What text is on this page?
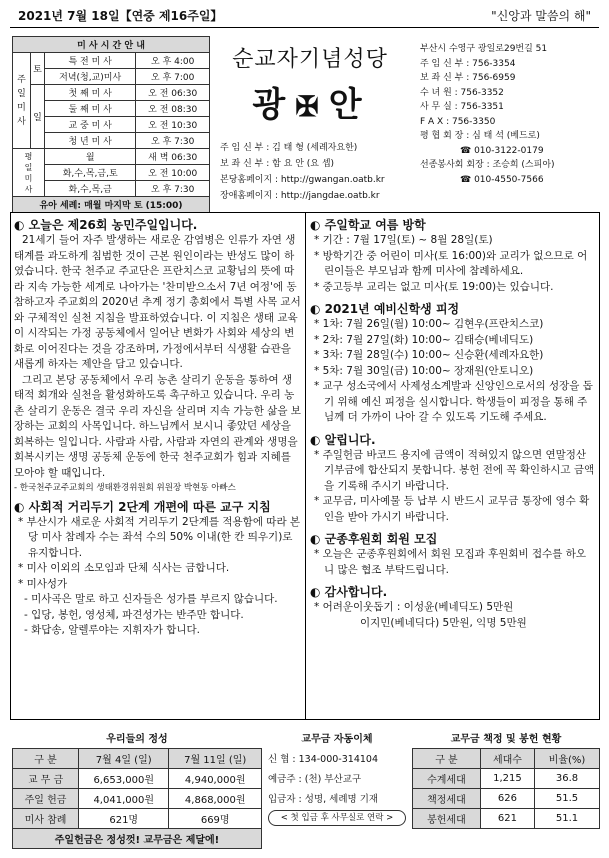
2021년 7월 18일【연중 제16주일】	"신앙과 말씀의 해"
미 사 시 간 안 내			
주
일
미
사	토	특 전 미 사	오 후 4:00
		저녁(청,교)미사	오 후 7:00
	일	첫 째 미 사	오 전 06:30
		둘 째 미 사	오 전 08:30
		교 중 미 사	오 전 10:30
		청 년 미 사	오 후 7:30
평
일
미
사		월	새 벽 06:30
		화,수,목,금,토	오 전 10:00
		화,수,목,금	오 후 7:30
유아 세례: 매월 마지막 토 (15:00)			
순교자기념성당
광 ✠ 안
주 임 신 부 : 김 태 형 (세례자요한)
보 좌 신 부 : 함 요 안 (요 셉)
본당홈페이지 : http://gwangan.oatb.kr
장애홈페이지 : http://jangdae.oatb.kr
부산시 수영구 광일로29번길 51
주 임 신 부 : 756-3354
보 좌 신 부 : 756-6959
수 녀 원 : 756-3352
사 무 실 : 756-3351
F A X : 756-3350
평 협 회 장 : 심 태 석 (베드로)
☎ 010-3122-0179
선종봉사회 회장 : 조승희 (스피아)
☎ 010-4550-7566
◐ 오늘은 제26회 농민주일입니다.
21세기 들어 자주 발생하는 새로운 감염병은 인류가 자연 생태계를 과도하게 침범한 것이 근본 원인이라는 반성도 많이 하였습니다. 한국 천주교 주교단은 프란치스코 교황님의 뜻에 따라 지속 가능한 세계로 나아가는 '찬미받으소서 7년 여정'에 동참하고자 주교회의 2020년 추계 정기 총회에서 특별 사목 교서와 구체적인 실천 지침을 발표하였습니다. 이 지침은 생태 교육이 시작되는 가정 공동체에서 일어난 변화가 사회와 세상의 변화로 이어진다는 것을 강조하며, 가정에서부터 식생활 습관을 새롭게 하자는 제안을 담고 있습니다.
그리고 본당 공동체에서 우리 농촌 살리기 운동을 통하여 생태적 회개와 실천을 활성화하도록 촉구하고 있습니다. 우리 농촌 살리기 운동은 결국 우리 자신을 살리며 지속 가능한 삶을 보장하는 교회의 사목입니다. 하느님께서 보시니 좋았던 세상을 회복하는 일입니다. 사람과 사람, 사람과 자연의 관계와 생명을 회복시키는 생명 공동체 운동에 한국 천주교회가 힘과 지혜를 모아야 할 때입니다.
- 한국천주교주교회의 생태환경위원회 위원장 박현동 아빠스
◐ 사회적 거리두기 2단계 개편에 따른 교구 지침
* 부산시가 새로운 사회적 거리두기 2단계를 적용함에 따라 본당 미사 참례자 수는 좌석 수의 50% 이내(한 칸 띄우기)로 유지합니다.
* 미사 이외의 소모임과 단체 식사는 금합니다.
* 미사성가
- 미사곡은 말로 하고 신자들은 성가를 부르지 않습니다.
- 입당, 봉헌, 영성체, 파견성가는 반주만 합니다.
- 화답송, 알렐루야는 지휘자가 합니다.
◐ 주일학교 여름 방학
* 기간 : 7월 17일(토) ~ 8월 28일(토)
* 방학기간 중 어린이 미사(토 16:00)와 교리가 없으므로 어린이들은 부모님과 함께 미사에 참례하세요.
* 중고등부 교리는 없고 미사(토 19:00)는 있습니다.
◐ 2021년 예비신학생 피정
* 1차: 7월 26일(월) 10:00~ 김현우(프란치스코)
* 2차: 7월 27일(화) 10:00~ 김태승(베네딕도)
* 3차: 7월 28일(수) 10:00~ 신승환(세례자요한)
* 5차: 7월 30일(금) 10:00~ 장재원(안토니오)
* 교구 성소국에서 사제성소계발과 신앙인으로서의 성장을 돕기 위해 예신 피정을 실시합니다. 학생들이 피정을 통해 주님께 더 가까이 나아 갈 수 있도록 기도해 주세요.
◐ 알립니다.
* 주일헌금 바코드 용지에 금액이 적혀있지 않으면 연말정산 기부금에 합산되지 못합니다. 봉헌 전에 꼭 확인하시고 금액을 기록해 주시기 바랍니다.
* 교무금, 미사예물 등 납부 시 반드시 교무금 통장에 영수 확인을 받아 가시기 바랍니다.
◐ 군종후원회 회원 모집
* 오늘은 군종후원회에서 회원 모집과 후원회비 접수를 하오니 많은 협조 부탁드립니다.
◐ 감사합니다.
* 어려운이웃돕기 : 이성윤(베네딕도) 5만원
이지민(베네딕다) 5만원, 익명 5만원
우리들의 정성		
구 분	7월 4일 (일)	7월 11일 (일)
교 무 금	6,653,000원	4,940,000원
주일 헌금	4,041,000원	4,868,000원
미사 참례	621명	669명
주일헌금은 정성껏! 교무금은 제달에!		
교무금 자동이체
신 협 : 134-000-314104
예금주 : (천) 부산교구
입금자 : 성명, 세례명 기재
< 첫 입금 후 사무실로 연락 >
교무금 책정 및 봉헌 현황		
구 분	세대수	비율(%)
수계세대	1,215	36.8
책정세대	626	51.5
봉헌세대	621	51.1
